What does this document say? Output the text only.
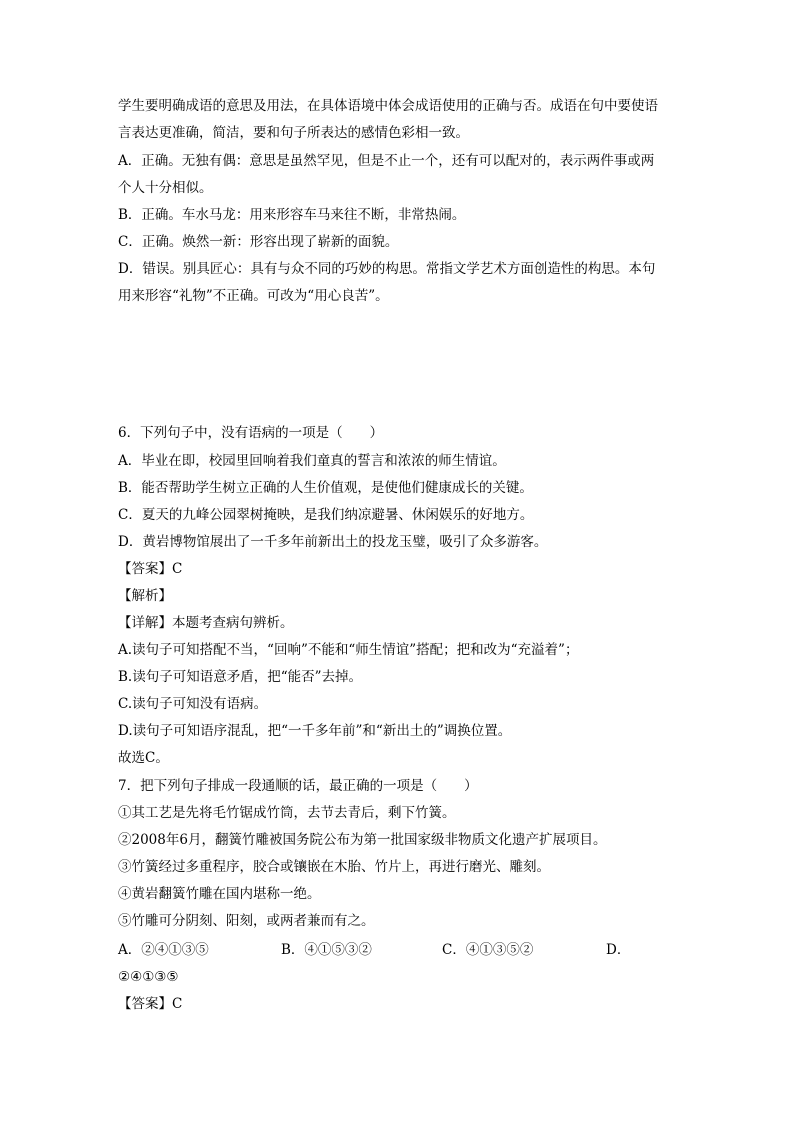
学生要明确成语的意思及用法，在具体语境中体会成语使用的正确与否。成语在句中要使语
言表达更准确，简洁，要和句子所表达的感情色彩相一致。
A．正确。无独有偶：意思是虽然罕见，但是不止一个，还有可以配对的，表示两件事或两
个人十分相似。
B．正确。车水马龙：用来形容车马来往不断，非常热闹。
C．正确。焕然一新：形容出现了崭新的面貌。
D．错误。别具匠心：具有与众不同的巧妙的构思。常指文学艺术方面创造性的构思。本句
用来形容“礼物”不正确。可改为“用心良苦”。
6．下列句子中，没有语病的一项是（　　）
A．毕业在即，校园里回响着我们童真的誓言和浓浓的师生情谊。
B．能否帮助学生树立正确的人生价值观，是使他们健康成长的关键。
C．夏天的九峰公园翠树掩映，是我们纳凉避暑、休闲娱乐的好地方。
D．黄岩博物馆展出了一千多年前新出土的投龙玉璧，吸引了众多游客。
【答案】C
【解析】
【详解】本题考查病句辨析。
A.读句子可知搭配不当，“回响”不能和“师生情谊”搭配；把和改为“充溢着”；
B.读句子可知语意矛盾，把“能否”去掉。
C.读句子可知没有语病。
D.读句子可知语序混乱，把“一千多年前”和“新出土的”调换位置。
故选C。
7．把下列句子排成一段通顺的话，最正确的一项是（　　）
①其工艺是先将毛竹锯成竹筒，去节去青后，剩下竹簧。
②2008年6月，翻簧竹雕被国务院公布为第一批国家级非物质文化遗产扩展项目。
③竹簧经过多重程序，胶合或镶嵌在木胎、竹片上，再进行磨光、雕刻。
④黄岩翻簧竹雕在国内堪称一绝。
⑤竹雕可分阴刻、阳刻，或两者兼而有之。
A．②④①③⑤	B．④①⑤③②	C．④①③⑤②	D．
②④①③⑤
【答案】C
